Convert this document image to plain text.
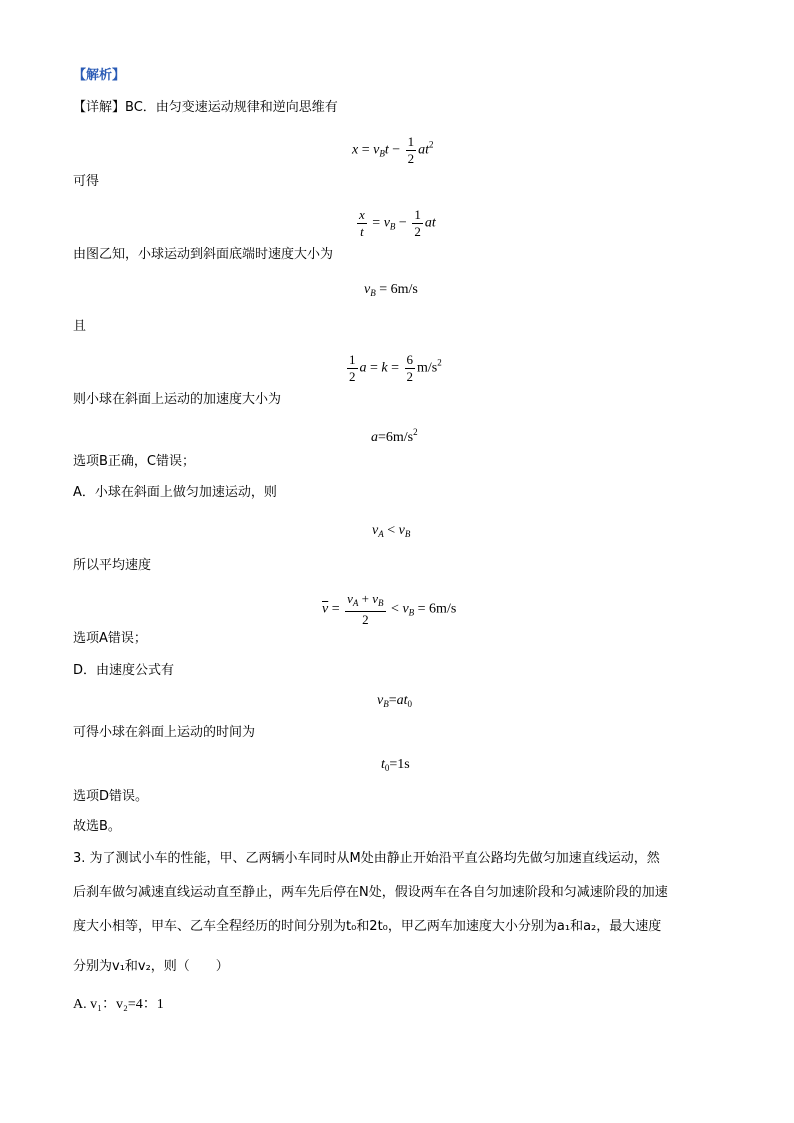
【解析】
【详解】BC．由匀变速运动规律和逆向思维有
$x = v_Bt - \frac{1}{2} at^2$
可得
$\frac{x}{t} = v_B - \frac{1}{2}$ at
由图乙知，小球运动到斜面底端时速度大小为
$v_B = 6m/s$
且
$\frac{1}{2}$ $a = k = \frac{6}{2} m/s^2$
则小球在斜面上运动的加速度大小为
$a=6m/s^2$
选项B正确，C错误；
A．小球在斜面上做匀加速运动，则
$v_A < v_B$
所以平均速度
$\overline{v} = \frac{v_A + v_B}{2} < v_B = 6m/s$
选项A错误；
D．由速度公式有
$v_B=at_0$
可得小球在斜面上运动的时间为
$t_0=1s$
选项D错误。
故选B。
3. 为了测试小车的性能，甲、乙两辆小车同时从M处由静止开始沿平直公路均先做匀加速直线运动，然
后刹车做匀减速直线运动直至静止，两车先后停在N处，假设两车在各自匀加速阶段和匀减速阶段的加速
度大小相等，甲车、乙车全程经历的时间分别为t₀和2t₀，甲乙两车加速度大小分别为a₁和a₂，最大速度
分别为v₁和v₂，则（　　）
A. v₁：v₂=4：1
